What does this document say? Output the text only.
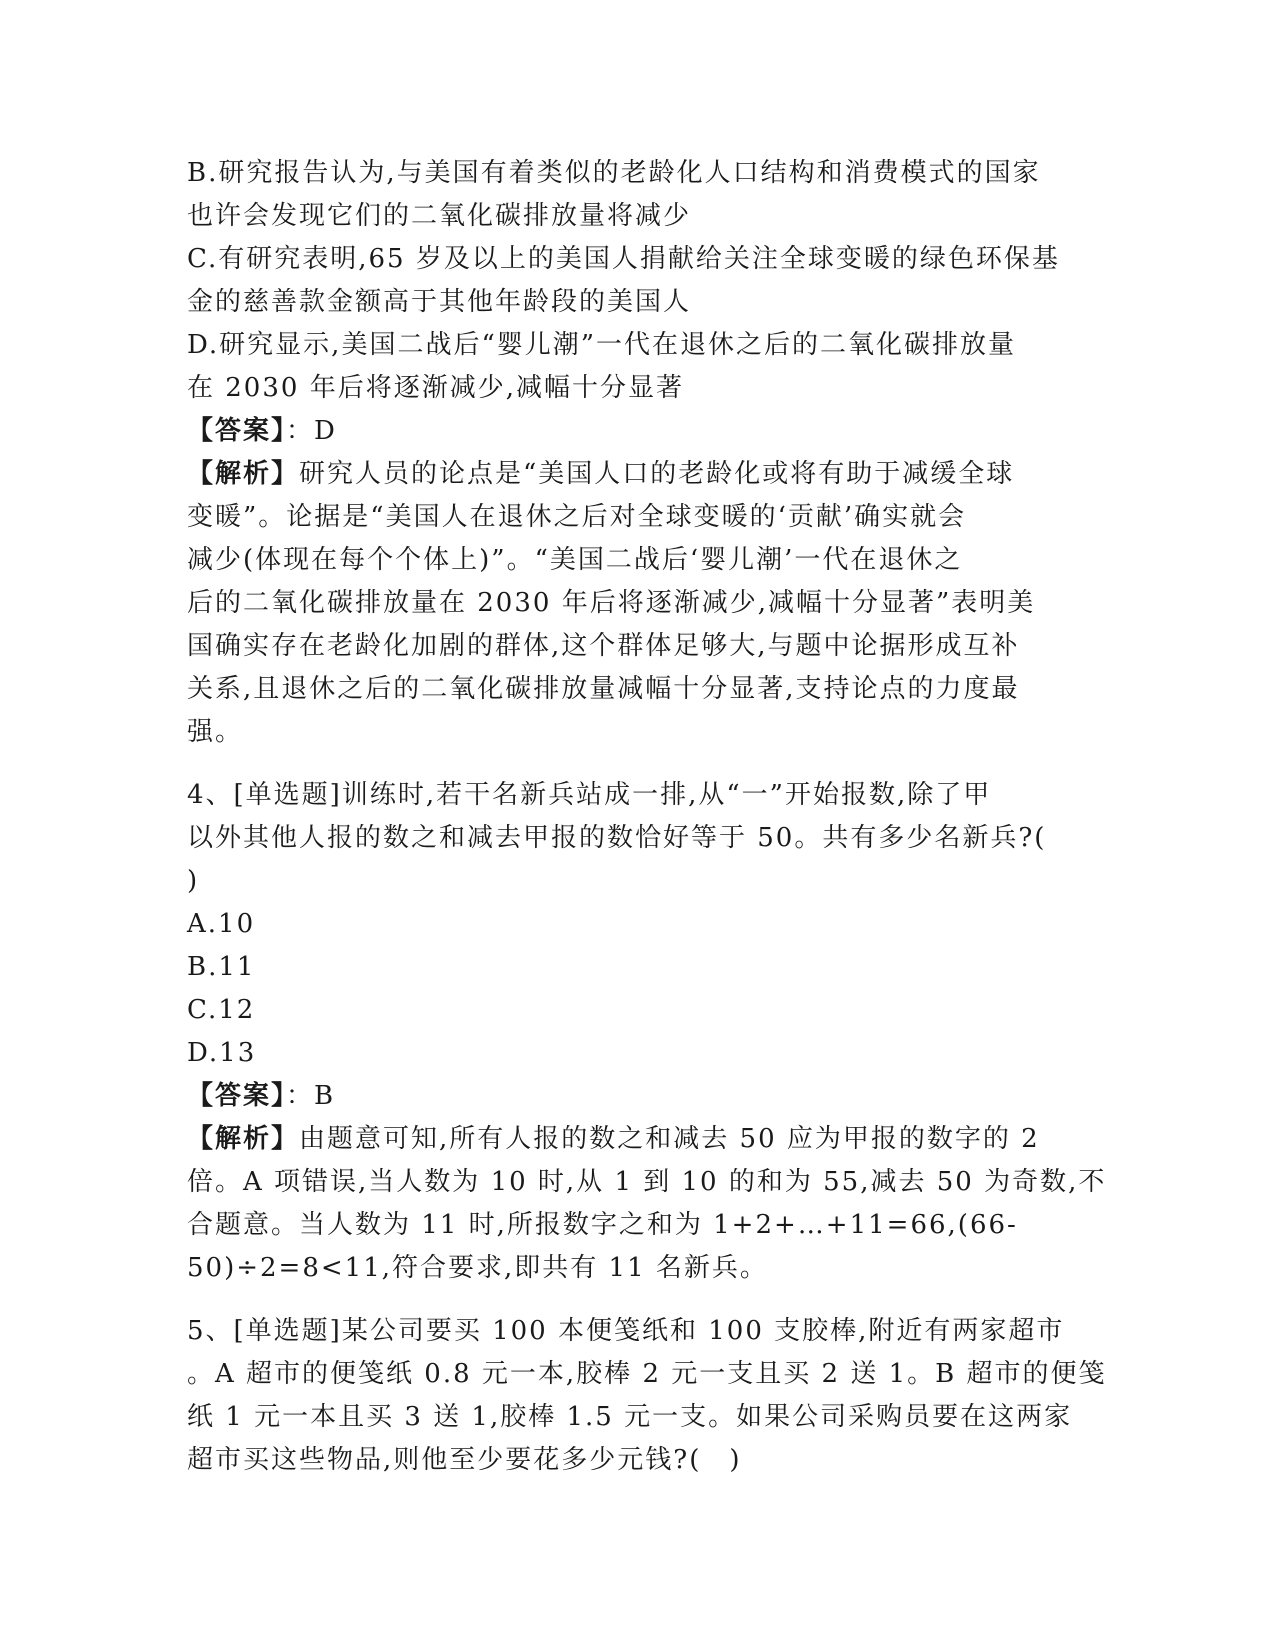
B.研究报告认为,与美国有着类似的老龄化人口结构和消费模式的国家
也许会发现它们的二氧化碳排放量将减少
C.有研究表明,65 岁及以上的美国人捐献给关注全球变暖的绿色环保基
金的慈善款金额高于其他年龄段的美国人
D.研究显示,美国二战后“婴儿潮”一代在退休之后的二氧化碳排放量
在 2030 年后将逐渐减少,减幅十分显著
【答案】：D
【解析】研究人员的论点是“美国人口的老龄化或将有助于减缓全球
变暖”。论据是“美国人在退休之后对全球变暖的‘贡献’确实就会
减少(体现在每个个体上)”。“美国二战后‘婴儿潮’一代在退休之
后的二氧化碳排放量在 2030 年后将逐渐减少,减幅十分显著”表明美
国确实存在老龄化加剧的群体,这个群体足够大,与题中论据形成互补
关系,且退休之后的二氧化碳排放量减幅十分显著,支持论点的力度最
强。
4、[单选题]训练时,若干名新兵站成一排,从“一”开始报数,除了甲
以外其他人报的数之和减去甲报的数恰好等于 50。共有多少名新兵?(
)
A.10
B.11
C.12
D.13
【答案】：B
【解析】由题意可知,所有人报的数之和减去 50 应为甲报的数字的 2
倍。A 项错误,当人数为 10 时,从 1 到 10 的和为 55,减去 50 为奇数,不
合题意。当人数为 11 时,所报数字之和为 1+2+…+11=66,(66-
50)÷2=8<11,符合要求,即共有 11 名新兵。
5、[单选题]某公司要买 100 本便笺纸和 100 支胶棒,附近有两家超市
。A 超市的便笺纸 0.8 元一本,胶棒 2 元一支且买 2 送 1。B 超市的便笺
纸 1 元一本且买 3 送 1,胶棒 1.5 元一支。如果公司采购员要在这两家
超市买这些物品,则他至少要花多少元钱?(　)
